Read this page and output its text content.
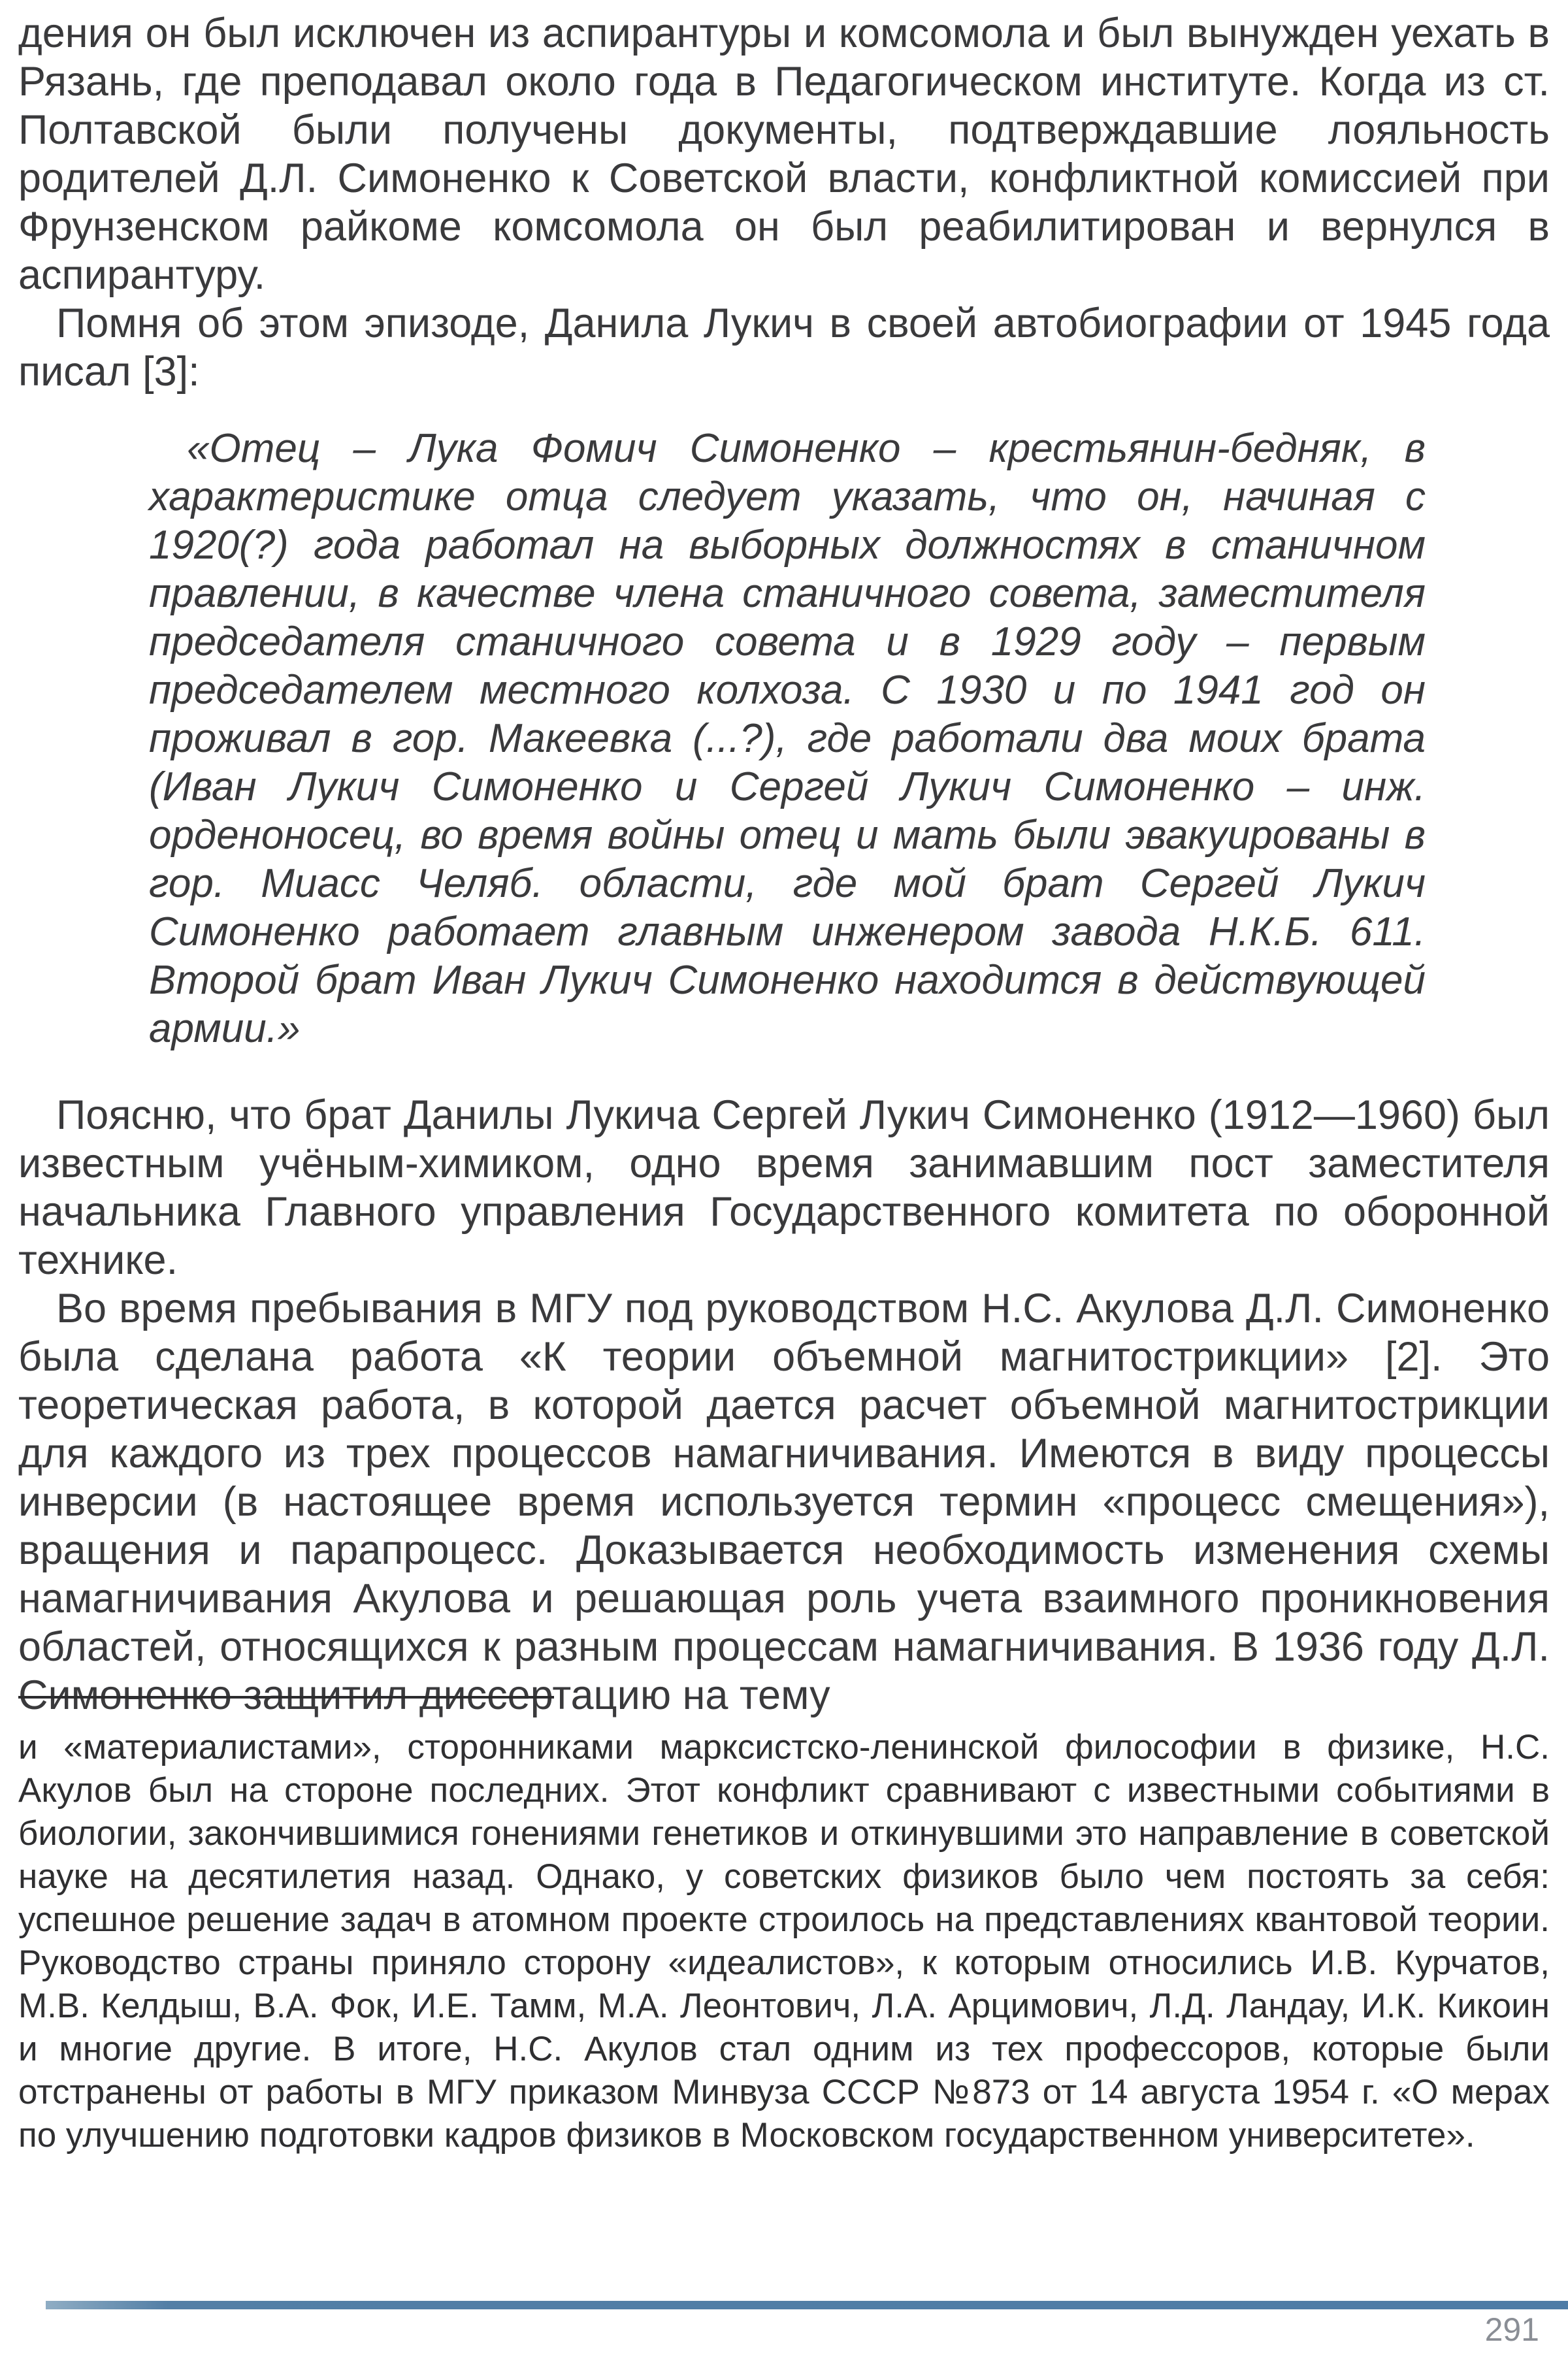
дения он был исключен из аспирантуры и комсомола и был вынужден уехать в Рязань, где преподавал около года в Педагогическом институте. Когда из ст. Полтавской были получены документы, подтверждавшие лояльность родителей Д.Л. Симоненко к Советской власти, конфликтной комиссией при Фрунзенском райкоме комсомола он был реабилитирован и вернулся в аспирантуру.

Помня об этом эпизоде, Данила Лукич в своей автобиографии от 1945 года писал [3]:

«Отец – Лука Фомич Симоненко – крестьянин-бедняк, в характеристике отца следует указать, что он, начиная с 1920(?) года работал на выборных должностях в станичном правлении, в качестве члена станичного совета, заместителя председателя станичного совета и в 1929 году – первым председателем местного колхоза. С 1930 и по 1941 год он проживал в гор. Макеевка (...?), где работали два моих брата (Иван Лукич Симоненко и Сергей Лукич Симоненко – инж. орденоносец, во время войны отец и мать были эвакуированы в гор. Миасс Челяб. области, где мой брат Сергей Лукич Симоненко работает главным инженером завода Н.К.Б. 611. Второй брат Иван Лукич Симоненко находится в действующей армии.»

Поясню, что брат Данилы Лукича Сергей Лукич Симоненко (1912—1960) был известным учёным-химиком, одно время занимавшим пост заместителя начальника Главного управления Государственного комитета по оборонной технике.

Во время пребывания в МГУ под руководством Н.С. Акулова Д.Л. Симоненко была сделана работа «К теории объемной магнитострикции» [2]. Это теоретическая работа, в которой дается расчет объемной магнитострикции для каждого из трех процессов намагничивания. Имеются в виду процессы инверсии (в настоящее время используется термин «процесс смещения»), вращения и парапроцесс. Доказывается необходимость изменения схемы намагничивания Акулова и решающая роль учета взаимного проникновения областей, относящихся к разным процессам намагничивания. В 1936 году Д.Л. Симоненко защитил диссертацию на тему

и «материалистами», сторонниками марксистско-ленинской философии в физике, Н.С. Акулов был на стороне последних. Этот конфликт сравнивают с известными событиями в биологии, закончившимися гонениями генетиков и откинувшими это направление в советской науке на десятилетия назад. Однако, у советских физиков было чем постоять за себя: успешное решение задач в атомном проекте строилось на представлениях квантовой теории. Руководство страны приняло сторону «идеалистов», к которым относились И.В. Курчатов, М.В. Келдыш, В.А. Фок, И.Е. Тамм, М.А. Леонтович, Л.А. Арцимович, Л.Д. Ландау, И.К. Кикоин и многие другие. В итоге, Н.С. Акулов стал одним из тех профессоров, которые были отстранены от работы в МГУ приказом Минвуза СССР №873 от 14 августа 1954 г. «О мерах по улучшению подготовки кадров физиков в Московском государственном университете».

291
